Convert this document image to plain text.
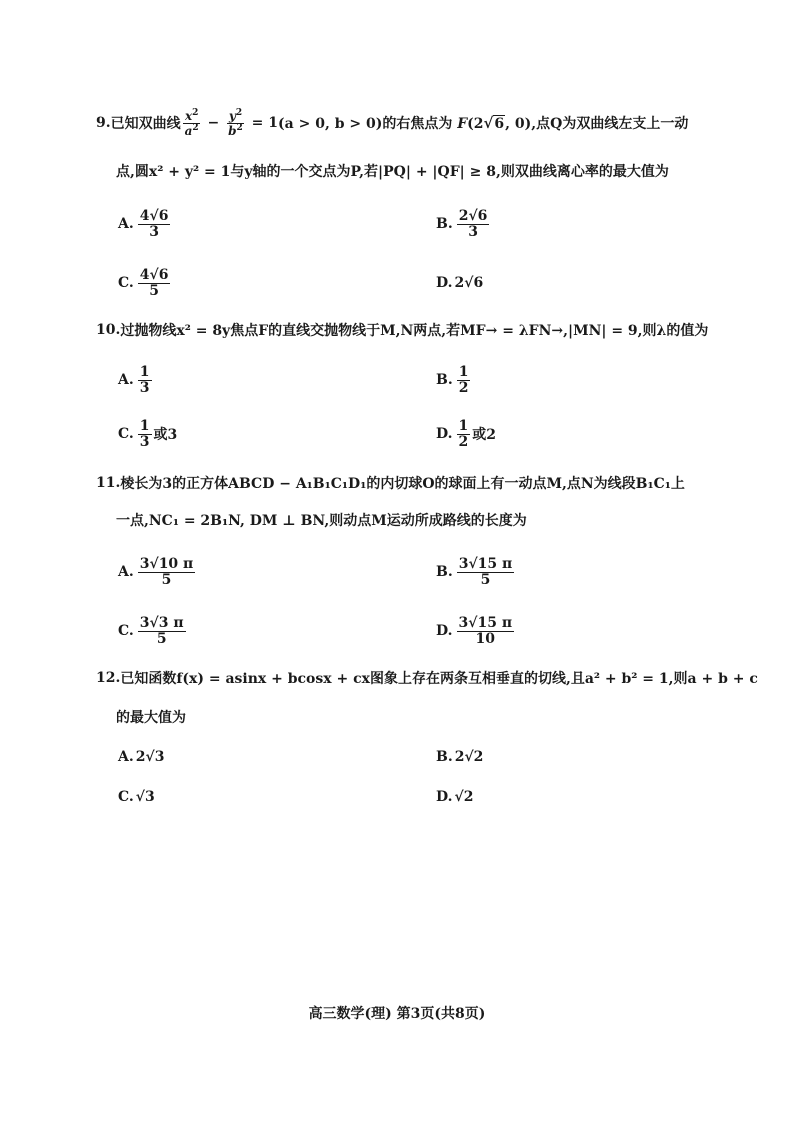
9. 已知双曲线 $\frac{x^2}{a^2} - \frac{y^2}{b^2} = 1$ (a > 0, b > 0)的右焦点为 F(2 √ 6 , 0) ,点Q为双曲线左支上一动
点,圆x² + y² = 1与y轴的一个交点为P,若|PQ| + |QF| ≥ 8,则双曲线离心率的最大值为
A. $\frac{4√6}{3}$	B. $\frac{2√6}{3}$
C. $\frac{4√6}{5}$	D. 2√6
10. 过抛物线x² = 8y焦点F的直线交抛物线于M,N两点,若MF→ = λFN→,|MN| = 9,则λ的值为
A. $\frac{1}{3}$	B. $\frac{1}{2}$
C. $\frac{1}{3}$ 或3	D. $\frac{1}{2}$ 或2
11. 棱长为3的正方体ABCD − A₁B₁C₁D₁的内切球O的球面上有一动点M,点N为线段B₁C₁上
一点,NC₁ = 2B₁N, DM ⊥ BN,则动点M运动所成路线的长度为
A. $\frac{3√10 \pi}{5}$	B. $\frac{3√15 \pi}{5}$
C. $\frac{3√3 \pi}{5}$	D. $\frac{3√15 \pi}{10}$
12. 已知函数f(x) = asinx + bcosx + cx图象上存在两条互相垂直的切线,且a² + b² = 1,则a + b + c
的最大值为
A. 2√3	B. 2√2
C. √3	D. √2
高三数学(理) 第3页(共8页)
